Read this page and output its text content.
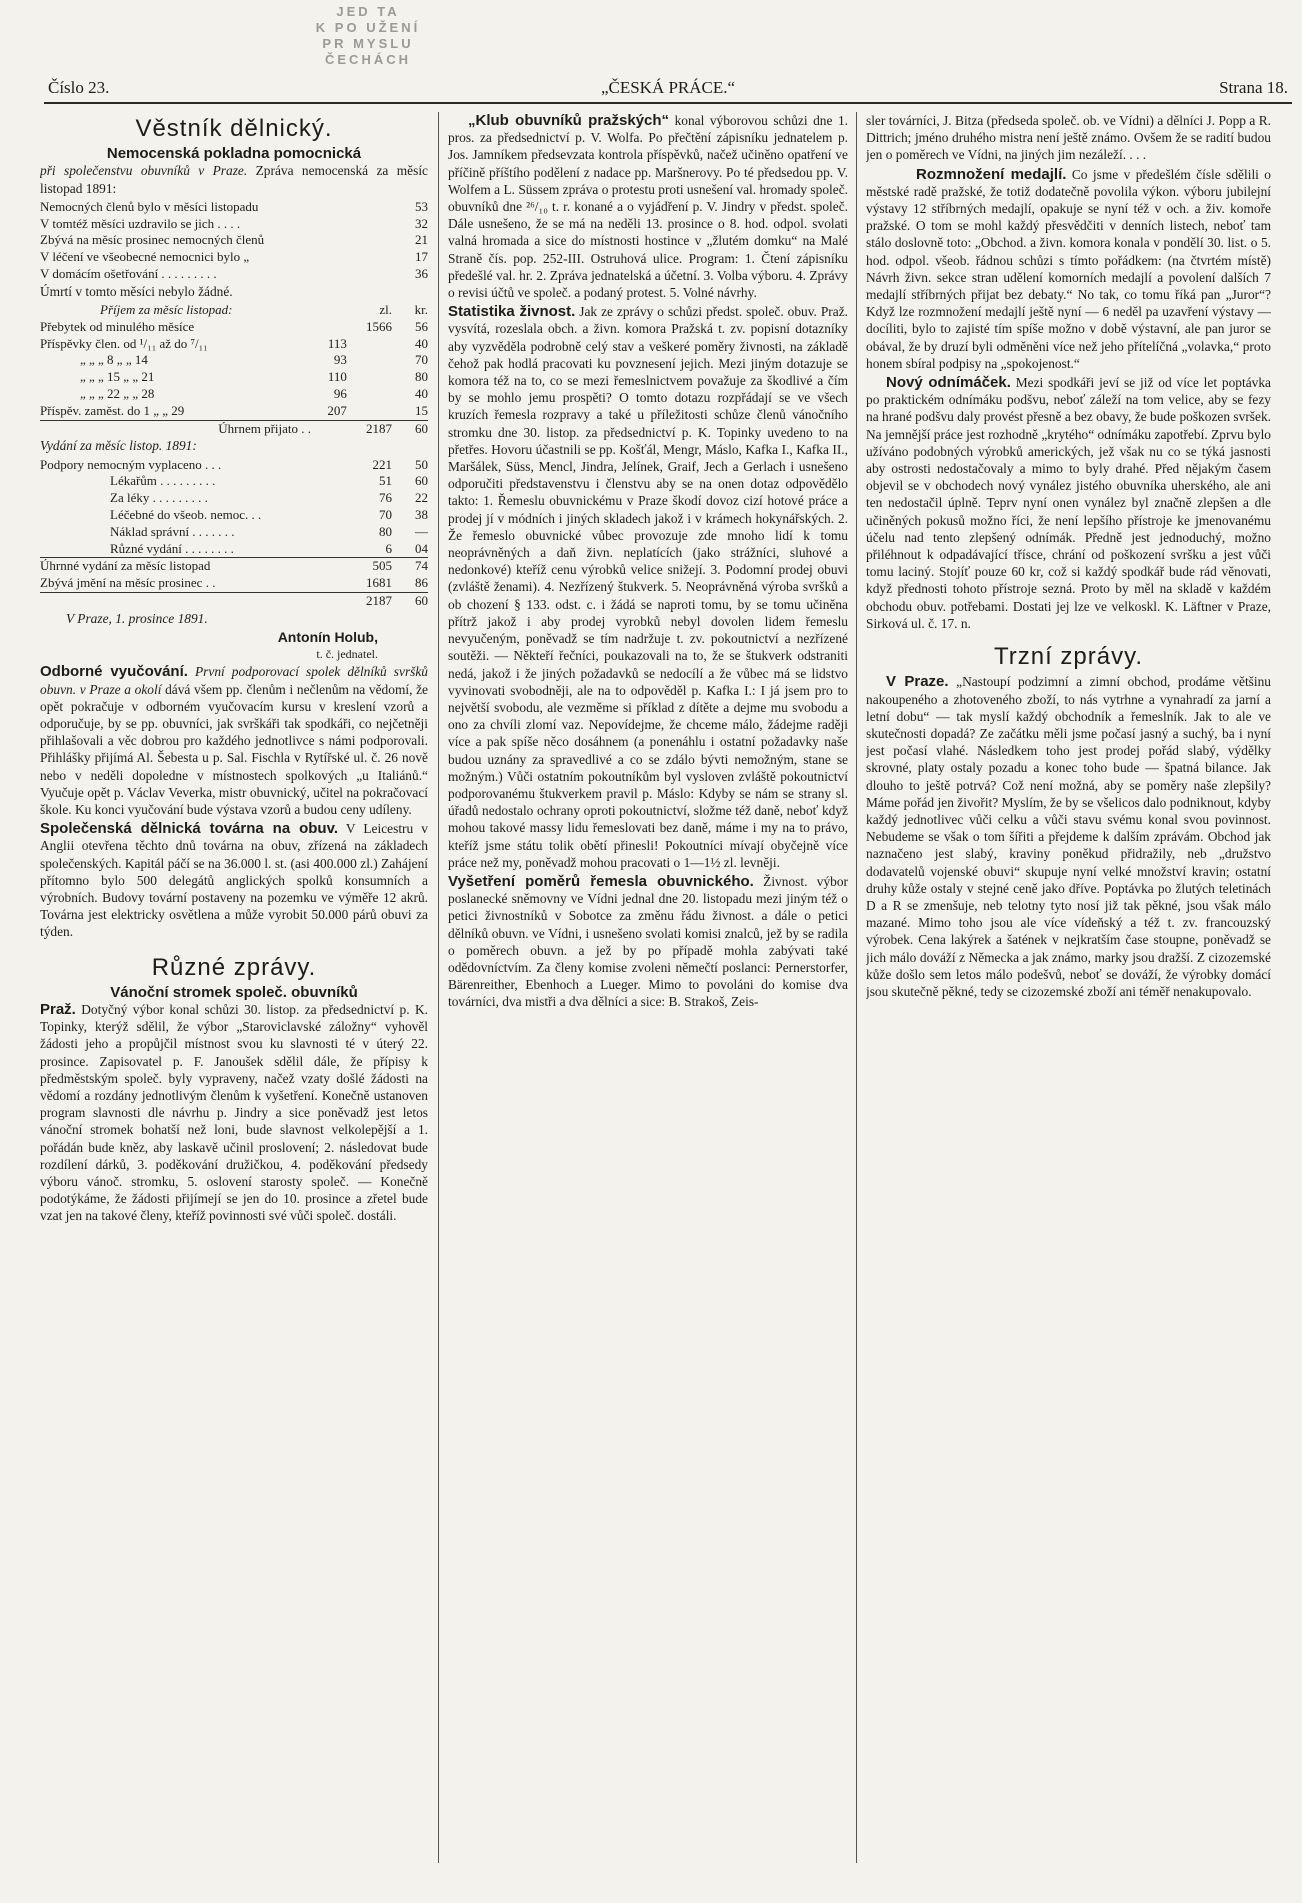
JED TA
K PO UŽENÍ
PR MYSLU
ČECHÁCH
Číslo 23.	„ČESKÁ PRÁCE.“	Strana 18.
Věstník dělnický.
Nemocenská pokladna pomocnická

při společenstvu obuvníků v Praze. Zpráva nemocenská za měsíc listopad 1891:

Nemocných členů bylo v měsíci listopadu	53
V tomtéž měsíci uzdravilo se jich . . . .	32
Zbývá na měsíc prosinec nemocných členů	21
V léčení ve všeobecné nemocnici bylo „	17
V domácím ošetřování . . . . . . . . .	36

Úmrtí v tomto měsíci nebylo žádné.

Příjem za měsíc listopad:		zl.	kr.
Přebytek od minulého měsíce		1566	56
Příspěvky člen. od ¹/₁₁ až do ⁷/₁₁	113		40
„ „ „ 8 „ „ 14	93		70
„ „ „ 15 „ „ 21	110		80
„ „ „ 22 „ „ 28	96		40
Příspěv. zaměst. do 1 „ „ 29	207		15
Úhrnem přijato . .		2187	60

Vydání za měsíc listop. 1891:

Podpory nemocným vyplaceno . . .	221	50
Lékařům . . . . . . . . .	51	60
Za léky . . . . . . . . .	76	22
Léčebné do všeob. nemoc. . .	70	38
Náklad správní . . . . . . .	80	—
Různé vydání . . . . . . . .	6	04
Úhrnné vydání za měsíc listopad	505	74
Zbývá jmění na měsíc prosinec . .	1681	86
	2187	60

V Praze, 1. prosince 1891.

Antonín Holub,
t. č. jednatel.

Odborné vyučování. První podporovací spolek dělníků svršků obuvn. v Praze a okolí dává všem pp. členům i nečlenům na vědomí, že opět pokračuje v odborném vyučovacím kursu v kreslení vzorů a odporučuje, by se pp. obuvníci, jak svrškáři tak spodkáři, co nejčetněji přihlašovali a věc dobrou pro každého jednotlivce s námi podporovali. Přihlášky přijímá Al. Šebesta u p. Sal. Fischla v Rytířské ul. č. 26 nově nebo v neděli dopoledne v místnostech spolkových „u Italiánů.“ Vyučuje opět p. Václav Veverka, mistr obuvnický, učitel na pokračovací škole. Ku konci vyučování bude výstava vzorů a budou ceny udíleny.

Společenská dělnická továrna na obuv. V Leicestru v Anglii otevřena těchto dnů továrna na obuv, zřízená na základech společenských. Kapitál páčí se na 36.000 l. st. (asi 400.000 zl.) Zahájení přítomno bylo 500 delegátů anglických spolků konsumních a výrobních. Budovy tovární postaveny na pozemku ve výměře 12 akrů. Továrna jest elektricky osvětlena a může vyrobit 50.000 párů obuvi za týden.

Různé zprávy.
Vánoční stromek společ. obuvníků

Praž. Dotyčný výbor konal schůzi 30. listop. za předsednictví p. K. Topinky, kterýž sdělil, že výbor „Staroviclavské záložny“ vyhověl žádosti jeho a propůjčil místnost svou ku slavnosti té v úterý 22. prosince. Zapisovatel p. F. Janoušek sdělil dále, že přípisy k předměstským společ. byly vypraveny, načež vzaty došlé žádosti na vědomí a rozdány jednotlivým členům k vyšetření. Konečně ustanoven program slavnosti dle návrhu p. Jindry a sice poněvadž jest letos vánoční stromek bohatší než loni, bude slavnost velkolepější a 1. pořádán bude kněz, aby laskavě učinil proslovení; 2. následovat bude rozdílení dárků, 3. poděkování družičkou, 4. poděkování předsedy výboru vánoč. stromku, 5. oslovení starosty společ. — Konečně podotýkáme, že žádosti přijímejí se jen do 10. prosince a zřetel bude vzat jen na takové členy, kteříž povinnosti své vůči společ. dostáli.

„Klub obuvníků pražských“ konal výborovou schůzi dne 1. pros. za předsednictví p. V. Wolfa. Po přečtění zápisníku jednatelem p. Jos. Jamníkem předsevzata kontrola příspěvků, načež učiněno opatření ve příčině příštího podělení z nadace pp. Maršnerovy. Po té předsedou pp. V. Wolfem a L. Süssem zpráva o protestu proti usnešení val. hromady společ. obuvníků dne ²⁶/₁₀ t. r. konané a o vyjádření p. V. Jindry v předst. společ. Dále usnešeno, že se má na neděli 13. prosince o 8. hod. odpol. svolati valná hromada a sice do místnosti hostince v „žlutém domku“ na Malé Straně čís. pop. 252-III. Ostruhová ulice. Program: 1. Čtení zápisníku předešlé val. hr. 2. Zpráva jednatelská a účetní. 3. Volba výboru. 4. Zprávy o revisi účtů ve společ. a podaný protest. 5. Volné návrhy.

Statistika živnost. Jak ze zprávy o schůzi předst. společ. obuv. Praž. vysvítá, rozeslala obch. a živn. komora Pražská t. zv. popisní dotazníky aby vyzvěděla podrobně celý stav a veškeré poměry živnosti, na základě čehož pak hodlá pracovati ku povznesení jejich. Mezi jiným dotazuje se komora též na to, co se mezi řemeslnictvem považuje za škodlivé a čím by se mohlo jemu prospěti? O tomto dotazu rozpřádají se ve všech kruzích řemesla rozpravy a také u příležitosti schůze členů vánočního stromku dne 30. listop. za předsednictví p. K. Topinky uvedeno to na přetřes. Hovoru účastnili se pp. Košťál, Mengr, Máslo, Kafka I., Kafka II., Maršálek, Süss, Mencl, Jindra, Jelínek, Graif, Jech a Gerlach i usnešeno odporučiti představenstvu i členstvu aby se na onen dotaz odpovědělo takto: 1. Řemeslu obuvnickému v Praze škodí dovoz cizí hotové práce a prodej jí v módních i jiných skladech jakož i v krámech hokynářských. 2. Že řemeslo obuvnické vůbec provozuje zde mnoho lidí k tomu neoprávněných a daň živn. neplatících (jako strážníci, sluhové a nedonkové) kteříž cenu výrobků velice snižejí. 3. Podomní prodej obuvi (zvláště ženami). 4. Nezřízený štukverk. 5. Neoprávněná výroba svršků a ob chození § 133. odst. c. i žádá se naproti tomu, by se tomu učiněna přítrž jakož i aby prodej vyrobků nebyl dovolen lidem řemeslu nevyučeným, poněvadž se tím nadržuje t. zv. pokoutnictví a nezřízené soutěži. — Někteří řečníci, poukazovali na to, že se štukverk odstraniti nedá, jakož i že jiných požadavků se nedocílí a že vůbec má se lidstvo vyvinovati svobodněji, ale na to odpověděl p. Kafka I.: I já jsem pro to největší svobodu, ale vezměme si příklad z dítěte a dejme mu svobodu a ono za chvíli zlomí vaz. Nepovídejme, že chceme málo, žádejme raději více a pak spíše něco dosáhnem (a ponenáhlu i ostatní požadavky naše budou uznány za spravedlivé a co se zdálo bývti nemožným, stane se možným.) Vůči ostatním pokoutníkům byl vysloven zvláště pokoutnictví podporovanému štukverkem pravil p. Máslo: Kdyby se nám se strany sl. úřadů nedostalo ochrany oproti pokoutnictví, složme též daně, neboť když mohou takové massy lidu řemeslovati bez daně, máme i my na to právo, kteříž jsme státu tolik obětí přinesli! Pokoutníci mívají obyčejně více práce než my, poněvadž mohou pracovati o 1—1½ zl. levněji.

Vyšetření poměrů řemesla obuvnického. Živnost. výbor poslanecké sněmovny ve Vídni jednal dne 20. listopadu mezi jiným též o petici živnostníků v Sobotce za změnu řádu živnost. a dále o petici dělníků obuvn. ve Vídni, i usnešeno svolati komisi znalců, jež by se radila o poměrech obuvn. a jež by po případě mohla zabývati také odědovníctvím. Za členy komise zvoleni němečtí poslanci: Pernerstorfer, Bärenreither, Ebenhoch a Lueger. Mimo to povoláni do komise dva továrníci, dva mistři a dva dělníci a sice: B. Strakoš, Zeis-

sler továrníci, J. Bitza (předseda společ. ob. ve Vídni) a dělníci J. Popp a R. Dittrich; jméno druhého mistra není ještě známo. Ovšem že se radití budou jen o poměrech ve Vídni, na jiných jim nezáleží. . . .

Rozmnožení medajlí. Co jsme v předešlém čísle sdělili o městské radě pražské, že totiž dodatečně povolila výkon. výboru jubilejní výstavy 12 stříbrných medajlí, opakuje se nyní též v och. a živ. komoře pražské. O tom se mohl každý přesvědčiti v denních listech, neboť tam stálo doslovně toto: „Obchod. a živn. komora konala v pondělí 30. list. o 5. hod. odpol. všeob. řádnou schůzi s tímto pořádkem: (na čtvrtém místě) Návrh živn. sekce stran udělení komorních medajlí a povolení dalších 7 medajlí stříbrných přijat bez debaty.“ No tak, co tomu říká pan „Juror“? Když lze rozmnožení medajlí ještě nyní — 6 neděl pa uzavření výstavy — docíliti, bylo to zajisté tím spíše možno v době výstavní, ale pan juror se obával, že by druzí byli odměněni více než jeho přítelíčná „volavka,“ proto honem sbíral podpisy na „spokojenost.“

Nový odnímáček. Mezi spodkáři jeví se již od více let poptávka po praktickém odnímáku podšvu, neboť záleží na tom velice, aby se fezy na hrané podšvu daly provést přesně a bez obavy, že bude poškozen svršek. Na jemnější práce jest rozhodně „krytého“ odnímáku zapotřebí. Zprvu bylo užíváno podobných výrobků amerických, jež však nu co se týká jasnosti aby ostrosti nedostačovaly a mimo to byly drahé. Před nějakým časem objevil se v obchodech nový vynález jistého obuvníka uherského, ale ani ten nedostačil úplně. Teprv nyní onen vynález byl značně zlepšen a dle učiněných pokusů možno říci, že není lepšího přístroje ke jmenovanému účelu nad tento zlepšený odnímák. Předně jest jednoduchý, možno přiléhnout k odpadávající třísce, chrání od poškození svršku a jest vůči tomu laciný. Stojíť pouze 60 kr, což si každý spodkář bude rád věnovati, když přednosti tohoto přístroje sezná. Proto by měl na skladě v každém obchodu obuv. potřebami. Dostati jej lze ve velkoskl. K. Läftner v Praze, Sirková ul. č. 17. n.

Trzní zprávy.

V Praze. „Nastoupí podzimní a zimní obchod, prodáme většinu nakoupeného a zhotoveného zboží, to nás vytrhne a vynahradí za jarní a letní dobu“ — tak myslí každý obchodník a řemeslník. Jak to ale ve skutečnosti dopadá? Ze začátku měli jsme počasí jasný a suchý, ba i nyní jest počasí vlahé. Následkem toho jest prodej pořád slabý, výdělky skrovné, platy ostaly pozadu a konec toho bude — špatná bilance. Jak dlouho to ještě potrvá? Což není možná, aby se poměry naše zlepšily? Máme pořád jen živořit? Myslím, že by se všelicos dalo podniknout, kdyby každý jednotlivec vůči celku a vůči stavu svému konal svou povinnost. Nebudeme se však o tom šířiti a přejdeme k dalším zprávám. Obchod jak naznačeno jest slabý, kraviny poněkud přidražily, neb „družstvo dodavatelů vojenské obuvi“ skupuje nyní velké množství kravin; ostatní druhy kůže ostaly v stejné ceně jako dříve. Poptávka po žlutých teletinách D a R se zmenšuje, neb telotny tyto nosí již tak pěkné, jsou však málo mazané. Mimo toho jsou ale více vídeňský a též t. zv. francouzský výrobek. Cena lakýrek a šatének v nejkratším čase stoupne, poněvadž se jich málo dováží z Německa a jak známo, marky jsou dražší. Z cizozemské kůže došlo sem letos málo podešvů, neboť se dováží, že výrobky domácí jsou skutečně pěkné, tedy se cizozemské zboží ani téměř nenakupovalo.
